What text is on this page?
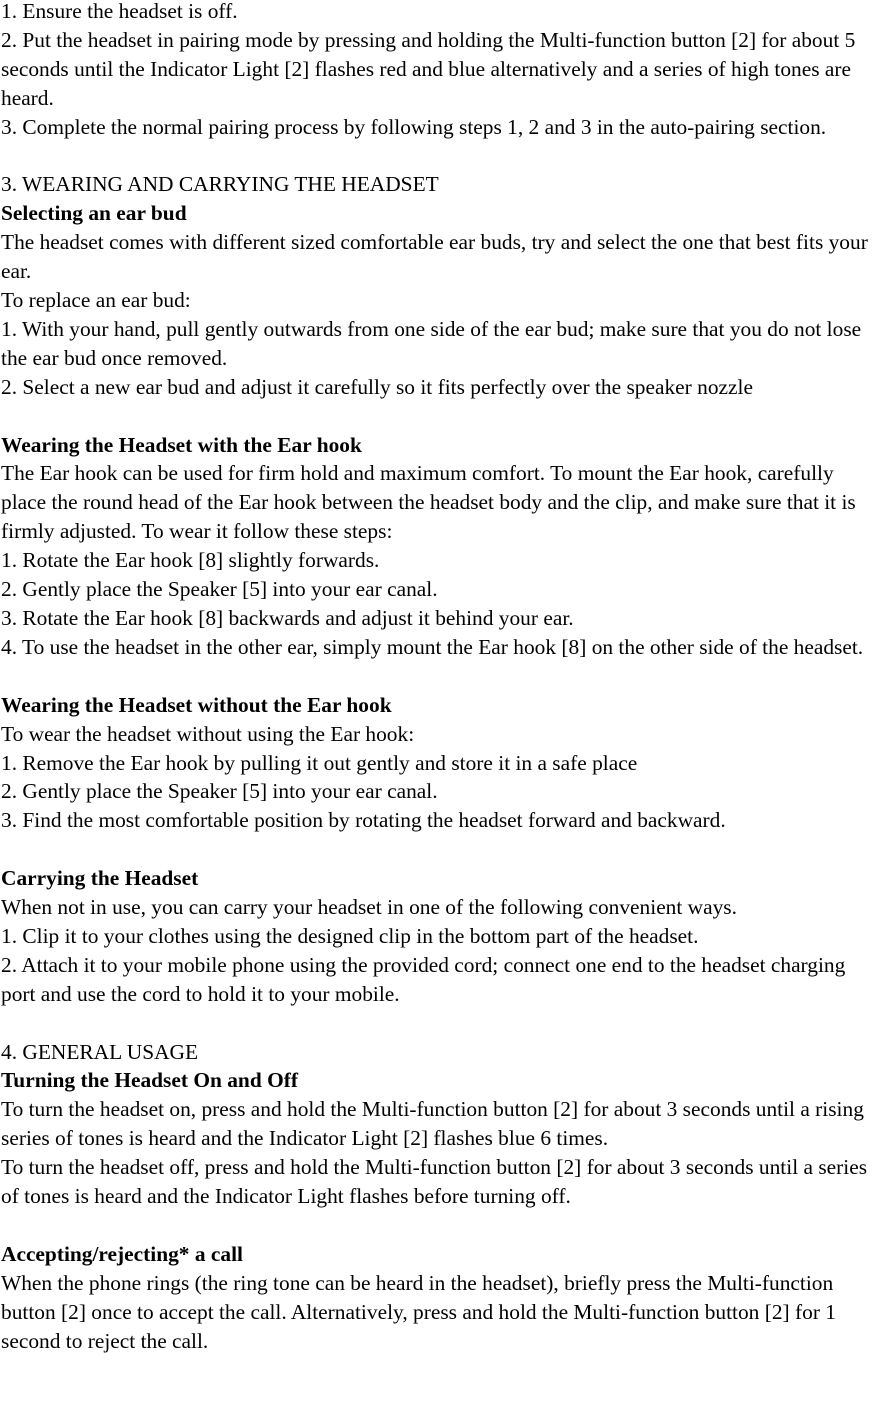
1. Ensure the headset is off.

2. Put the headset in pairing mode by pressing and holding the Multi-function button [2] for about 5 seconds until the Indicator Light [2] flashes red and blue alternatively and a series of high tones are heard.

3. Complete the normal pairing process by following steps 1, 2 and 3 in the auto-pairing section.

3. WEARING AND CARRYING THE HEADSET

Selecting an ear bud

The headset comes with different sized comfortable ear buds, try and select the one that best fits your ear.

To replace an ear bud:

1. With your hand, pull gently outwards from one side of the ear bud; make sure that you do not lose the ear bud once removed.

2. Select a new ear bud and adjust it carefully so it fits perfectly over the speaker nozzle

Wearing the Headset with the Ear hook

The Ear hook can be used for firm hold and maximum comfort. To mount the Ear hook, carefully place the round head of the Ear hook between the headset body and the clip, and make sure that it is firmly adjusted. To wear it follow these steps:

1. Rotate the Ear hook [8] slightly forwards.

2. Gently place the Speaker [5] into your ear canal.

3. Rotate the Ear hook [8] backwards and adjust it behind your ear.

4. To use the headset in the other ear, simply mount the Ear hook [8] on the other side of the headset.

Wearing the Headset without the Ear hook

To wear the headset without using the Ear hook:

1. Remove the Ear hook by pulling it out gently and store it in a safe place

2. Gently place the Speaker [5] into your ear canal.

3. Find the most comfortable position by rotating the headset forward and backward.

Carrying the Headset

When not in use, you can carry your headset in one of the following convenient ways.

1. Clip it to your clothes using the designed clip in the bottom part of the headset.

2. Attach it to your mobile phone using the provided cord; connect one end to the headset charging port and use the cord to hold it to your mobile.

4. GENERAL USAGE

Turning the Headset On and Off

To turn the headset on, press and hold the Multi-function button [2] for about 3 seconds until a rising series of tones is heard and the Indicator Light [2] flashes blue 6 times.

To turn the headset off, press and hold the Multi-function button [2] for about 3 seconds until a series of tones is heard and the Indicator Light flashes before turning off.

Accepting/rejecting* a call

When the phone rings (the ring tone can be heard in the headset), briefly press the Multi-function button [2] once to accept the call. Alternatively, press and hold the Multi-function button [2] for 1 second to reject the call.
